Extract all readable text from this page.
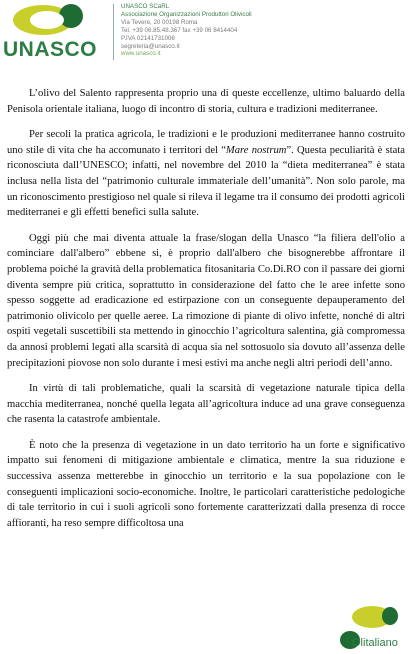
UNASCO
UNASCO SCaRL
Associazione Organizzazioni Produttori Olivicoli
Via Tevere, 20 00198 Roma
Tel. +39 06.85.48.367 fax +39 06 8414404
P.IVA 02141731006
segreteria@unasco.it
www.unasco.it

L’olivo del Salento rappresenta proprio una di queste eccellenze, ultimo baluardo della Penisola orientale italiana, luogo di incontro di storia, cultura e tradizioni mediterranee.

Per secoli la pratica agricola, le tradizioni e le produzioni mediterranee hanno costruito uno stile di vita che ha accomunato i territori del “Mare nostrum”. Questa peculiarità è stata riconosciuta dall’UNESCO; infatti, nel novembre del 2010 la “dieta mediterranea” è stata inclusa nella lista del “patrimonio culturale immateriale dell’umanità”. Non solo parole, ma un riconoscimento prestigioso nel quale si rileva il legame tra il consumo dei prodotti agricoli mediterranei e gli effetti benefici sulla salute.

Oggi più che mai diventa attuale la frase/slogan della Unasco “la filiera dell'olio a cominciare dall'albero” ebbene si, è proprio dall'albero che bisognerebbe affrontare il problema poiché la gravità della problematica fitosanitaria Co.Di.RO con il passare dei giorni diventa sempre più critica, soprattutto in considerazione del fatto che le aree infette sono spesso soggette ad eradicazione ed estirpazione con un conseguente depauperamento del patrimonio olivicolo per quelle aeree. La rimozione di piante di olivo infette, nonché di altri ospiti vegetali suscettibili sta mettendo in ginocchio l’agricoltura salentina, già compromessa da annosi problemi legati alla scarsità di acqua sia nel sottosuolo sia dovuto all’assenza delle precipitazioni piovose non solo durante i mesi estivi ma anche negli altri periodi dell’anno.

In virtù di tali problematiche, quali la scarsità di vegetazione naturale tipica della macchia mediterranea, nonché quella legata all’agricoltura induce ad una grave conseguenza che rasenta la catastrofe ambientale.

È noto che la presenza di vegetazione in un dato territorio ha un forte e significativo impatto sui fenomeni di mitigazione ambientale e climatica, mentre la sua riduzione e successiva assenza metterebbe in ginocchio un territorio e la sua popolazione con le conseguenti implicazioni socio-economiche. Inoltre, le particolari caratteristiche pedologiche di tale territorio in cui i suoli agricoli sono fortemente caratterizzati dalla presenza di rocce affioranti, ha reso sempre difficoltosa una

Olitaliano
